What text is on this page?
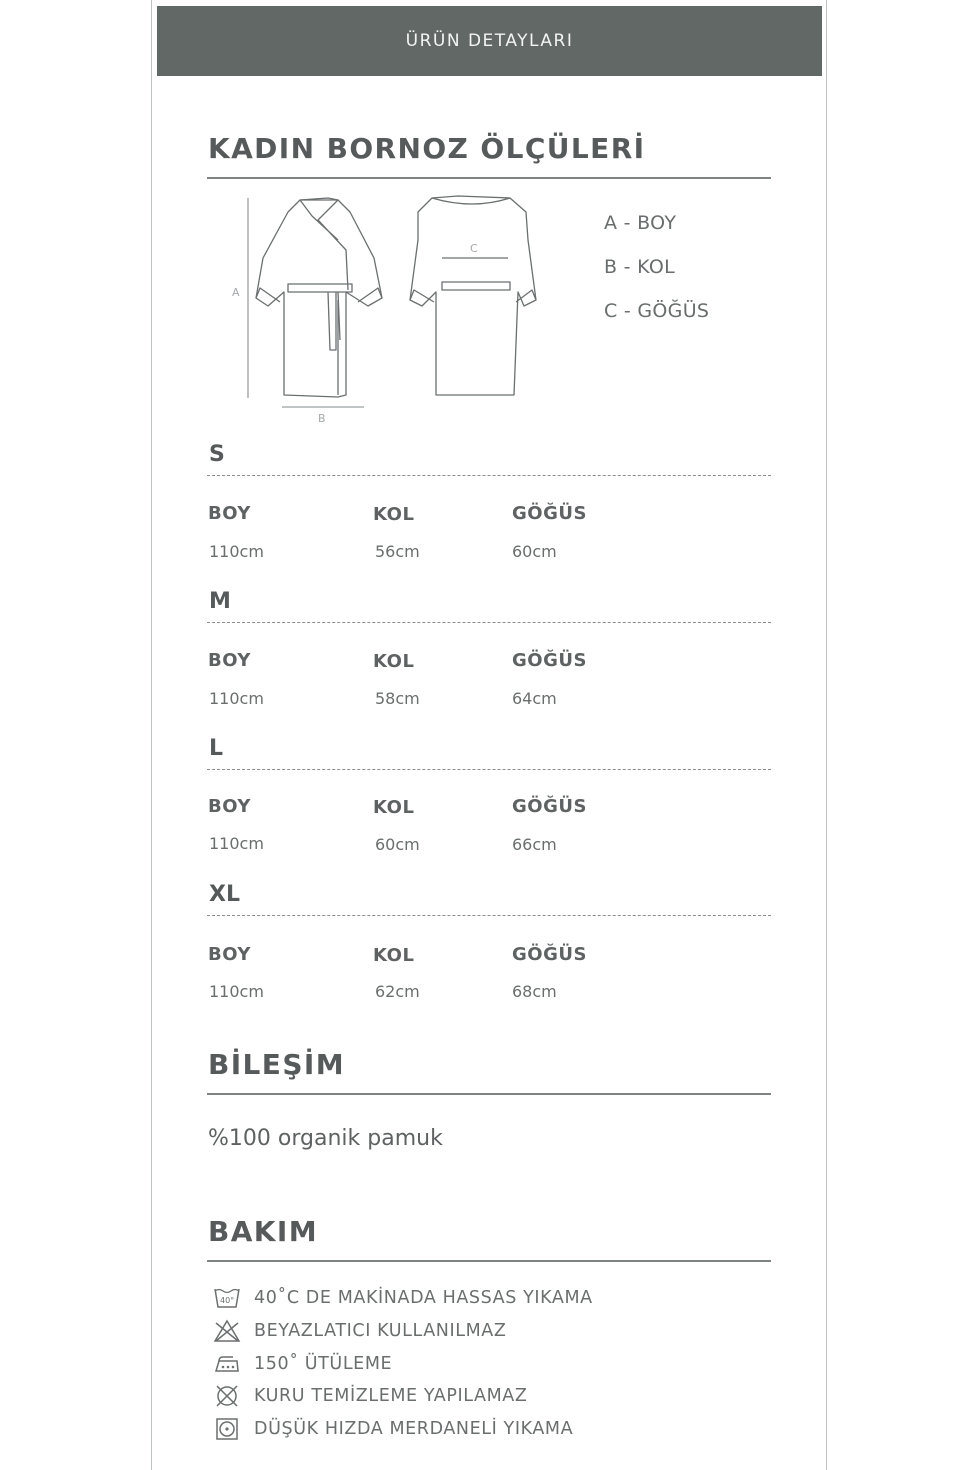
ÜRÜN DETAYLARI
KADIN BORNOZ ÖLÇÜLERİ
A
B
C
A - BOY
B - KOL
C - GÖĞÜS
S
BOY	KOL	GÖĞÜS
110cm	56cm	60cm
M
BOY	KOL	GÖĞÜS
110cm	58cm	64cm
L
BOY	KOL	GÖĞÜS
110cm	60cm	66cm
XL
BOY	KOL	GÖĞÜS
110cm	62cm	68cm
BİLEŞİM
%100 organik pamuk
BAKIM
40° 40˚C DE MAKİNADA HASSAS YIKAMA
BEYAZLATICI KULLANILMAZ
150˚ ÜTÜLEME
KURU TEMİZLEME YAPILAMAZ
DÜŞÜK HIZDA MERDANELİ YIKAMA
